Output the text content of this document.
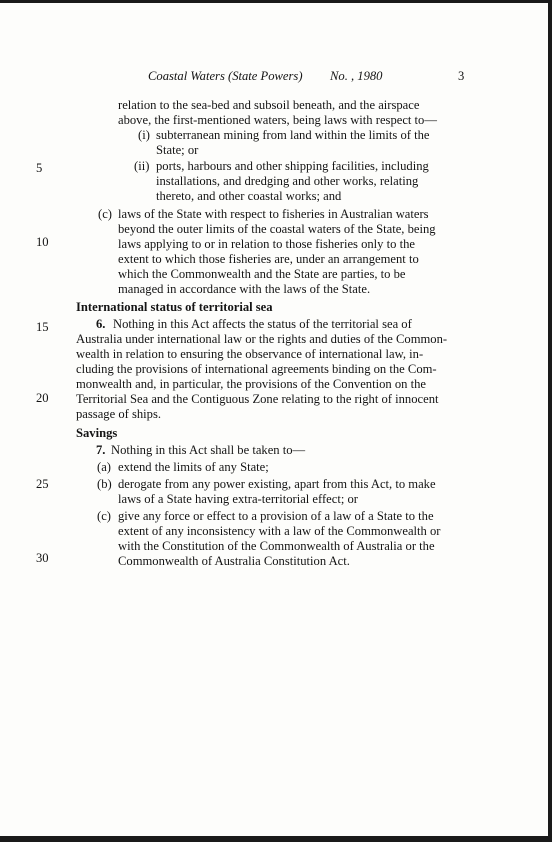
Coastal Waters (State Powers) No. , 1980	3
5
10
15
20
25
30
relation to the sea-bed and subsoil beneath, and the airspace
above, the first-mentioned waters, being laws with respect to—
(i) subterranean mining from land within the limits of the
State; or
(ii) ports, harbours and other shipping facilities, including
installations, and dredging and other works, relating
thereto, and other coastal works; and
(c) laws of the State with respect to fisheries in Australian waters
beyond the outer limits of the coastal waters of the State, being
laws applying to or in relation to those fisheries only to the
extent to which those fisheries are, under an arrangement to
which the Commonwealth and the State are parties, to be
managed in accordance with the laws of the State.
International status of territorial sea
6. Nothing in this Act affects the status of the territorial sea of
Australia under international law or the rights and duties of the Common-
wealth in relation to ensuring the observance of international law, in-
cluding the provisions of international agreements binding on the Com-
monwealth and, in particular, the provisions of the Convention on the
Territorial Sea and the Contiguous Zone relating to the right of innocent
passage of ships.
Savings
7. Nothing in this Act shall be taken to—
(a) extend the limits of any State;
(b) derogate from any power existing, apart from this Act, to make
laws of a State having extra-territorial effect; or
(c) give any force or effect to a provision of a law of a State to the
extent of any inconsistency with a law of the Commonwealth or
with the Constitution of the Commonwealth of Australia or the
Commonwealth of Australia Constitution Act.
